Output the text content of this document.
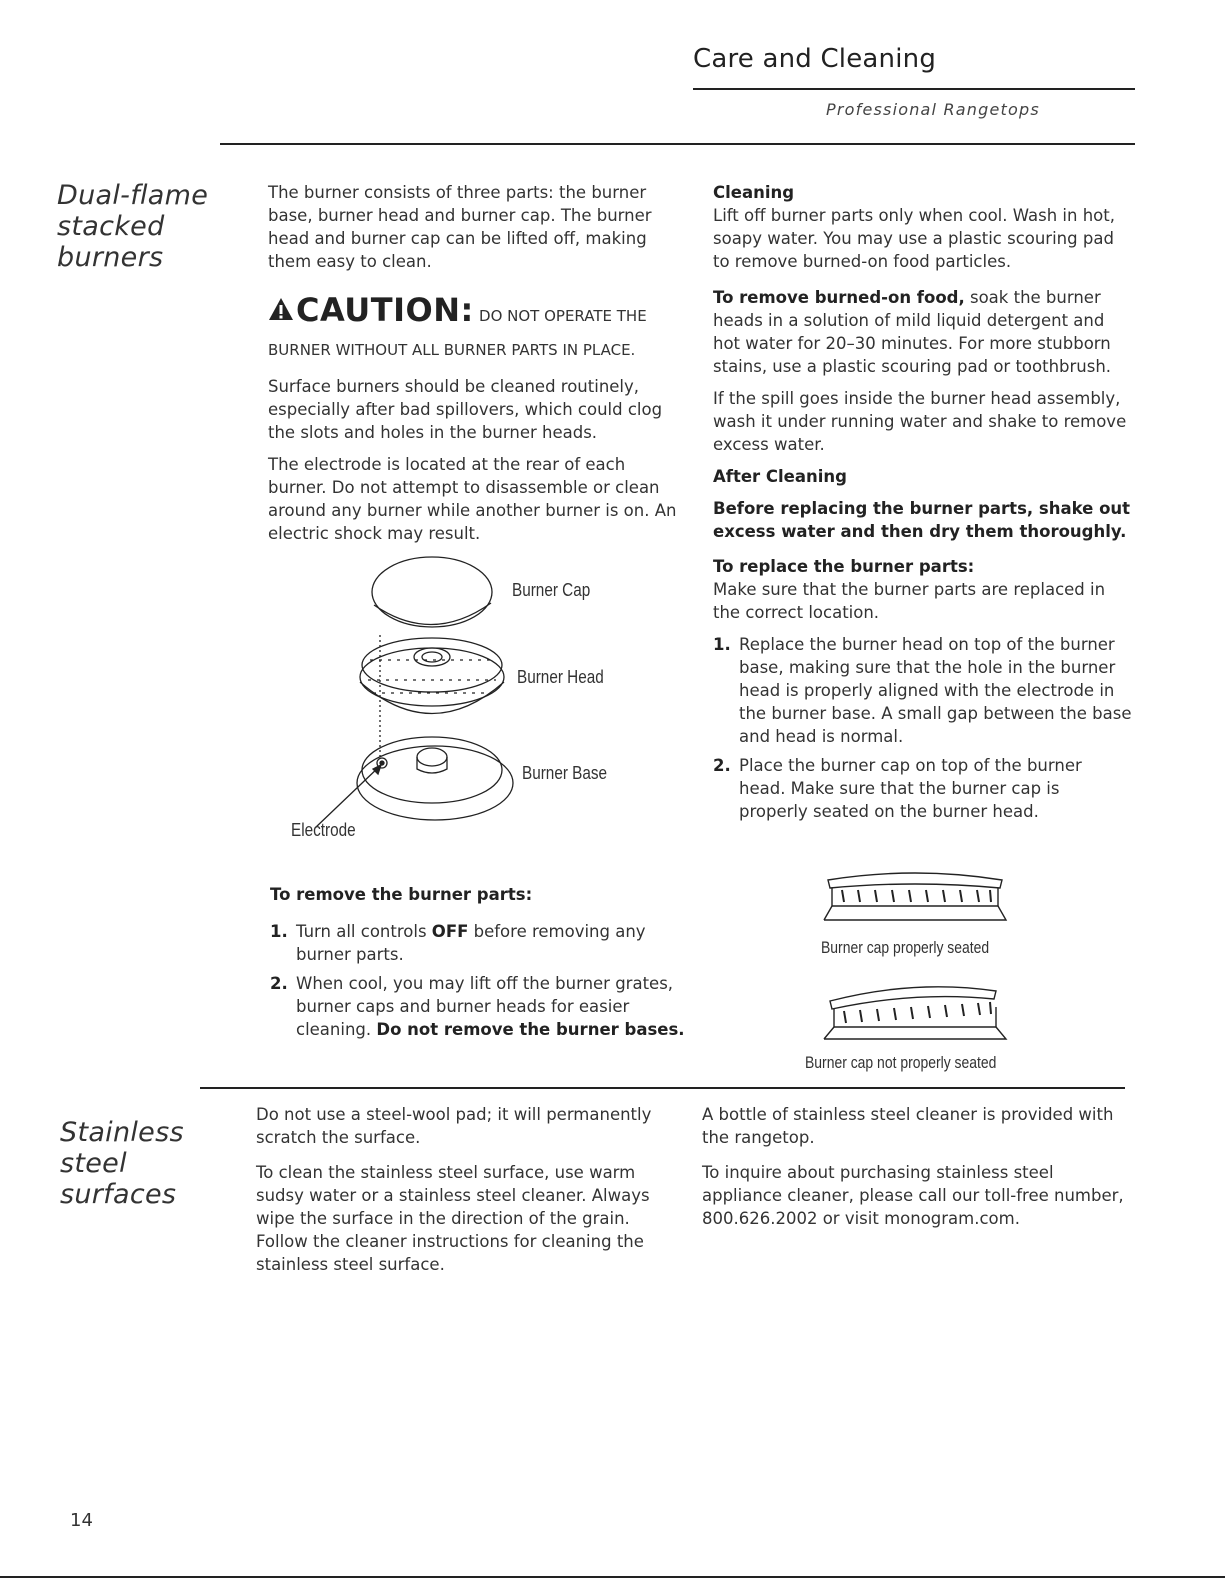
Care and Cleaning
Professional Rangetops
Dual-flame
stacked
burners

The burner consists of three parts: the burner base, burner head and burner cap. The burner head and burner cap can be lifted off, making them easy to clean.

CAUTION: DO NOT OPERATE THE BURNER WITHOUT ALL BURNER PARTS IN PLACE.

Surface burners should be cleaned routinely, especially after bad spillovers, which could clog the slots and holes in the burner heads.

The electrode is located at the rear of each burner. Do not attempt to disassemble or clean around any burner while another burner is on. An electric shock may result.

Burner Cap
Burner Head
Burner Base
Electrode
To remove the burner parts:
1. Turn all controls OFF before removing any burner parts.
2. When cool, you may lift off the burner grates, burner caps and burner heads for easier cleaning. Do not remove the burner bases.
Cleaning

Lift off burner parts only when cool. Wash in hot, soapy water. You may use a plastic scouring pad to remove burned-on food particles.

To remove burned-on food, soak the burner heads in a solution of mild liquid detergent and hot water for 20–30 minutes. For more stubborn stains, use a plastic scouring pad or toothbrush.

If the spill goes inside the burner head assembly, wash it under running water and shake to remove excess water.

After Cleaning

Before replacing the burner parts, shake out excess water and then dry them thoroughly.

To replace the burner parts:

Make sure that the burner parts are replaced in the correct location.

1. Replace the burner head on top of the burner base, making sure that the hole in the burner head is properly aligned with the electrode in the burner base. A small gap between the base and head is normal.
2. Place the burner cap on top of the burner head. Make sure that the burner cap is properly seated on the burner head.
Burner cap properly seated
Burner cap not properly seated
Stainless
steel
surfaces

Do not use a steel-wool pad; it will permanently scratch the surface.

To clean the stainless steel surface, use warm sudsy water or a stainless steel cleaner. Always wipe the surface in the direction of the grain. Follow the cleaner instructions for cleaning the stainless steel surface.

A bottle of stainless steel cleaner is provided with the rangetop.

To inquire about purchasing stainless steel appliance cleaner, please call our toll-free number, 800.626.2002 or visit monogram.com.

14
